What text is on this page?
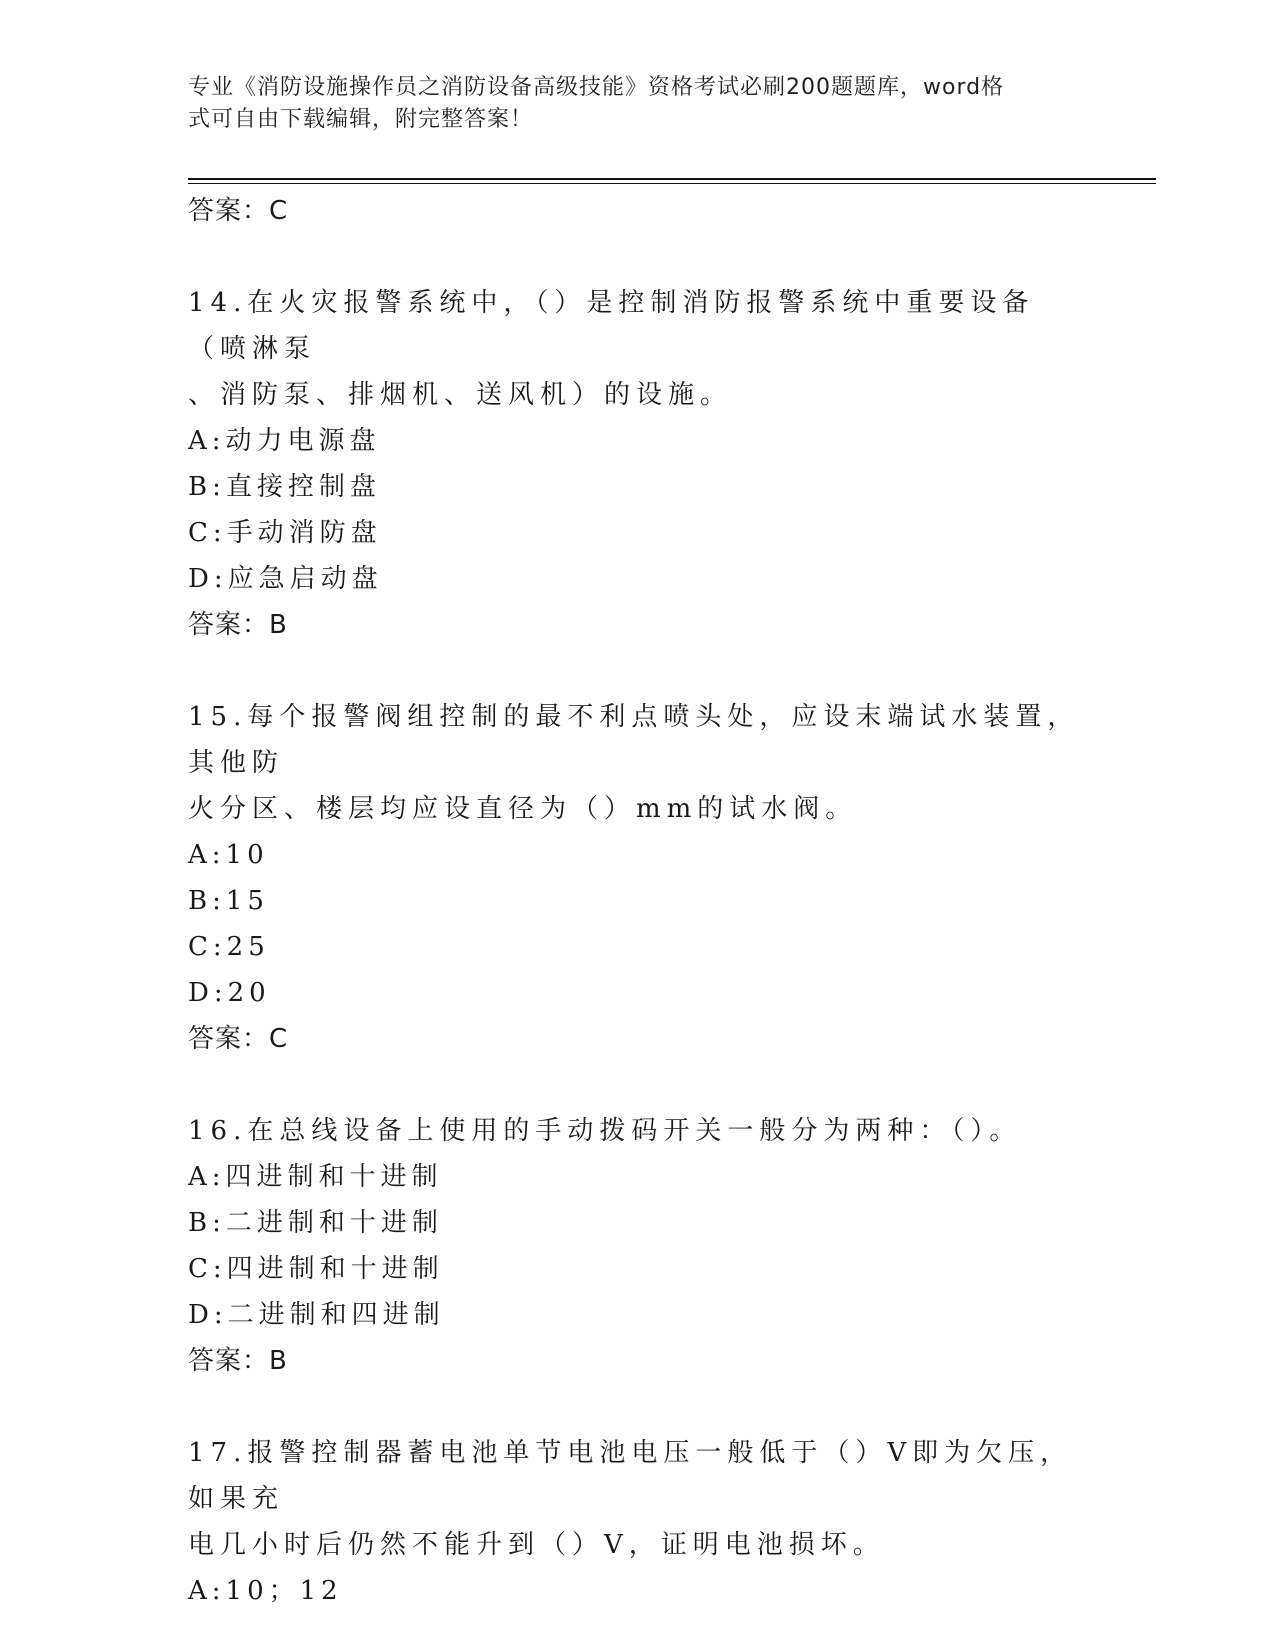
专业《消防设施操作员之消防设备高级技能》资格考试必刷200题题库，word格
式可自由下载编辑，附完整答案！
答案：C

14.在火灾报警系统中，（）是控制消防报警系统中重要设备（喷淋泵
、消防泵、排烟机、送风机）的设施。

A:动力电源盘
B:直接控制盘
C:手动消防盘
D:应急启动盘
答案：B

15.每个报警阀组控制的最不利点喷头处，应设末端试水装置，其他防
火分区、楼层均应设直径为（）mm的试水阀。

A:10
B:15
C:25
D:20
答案：C

16.在总线设备上使用的手动拨码开关一般分为两种：（）。

A:四进制和十进制
B:二进制和十进制
C:四进制和十进制
D:二进制和四进制
答案：B

17.报警控制器蓄电池单节电池电压一般低于（）V即为欠压，如果充
电几小时后仍然不能升到（）V，证明电池损坏。

A:10；12
